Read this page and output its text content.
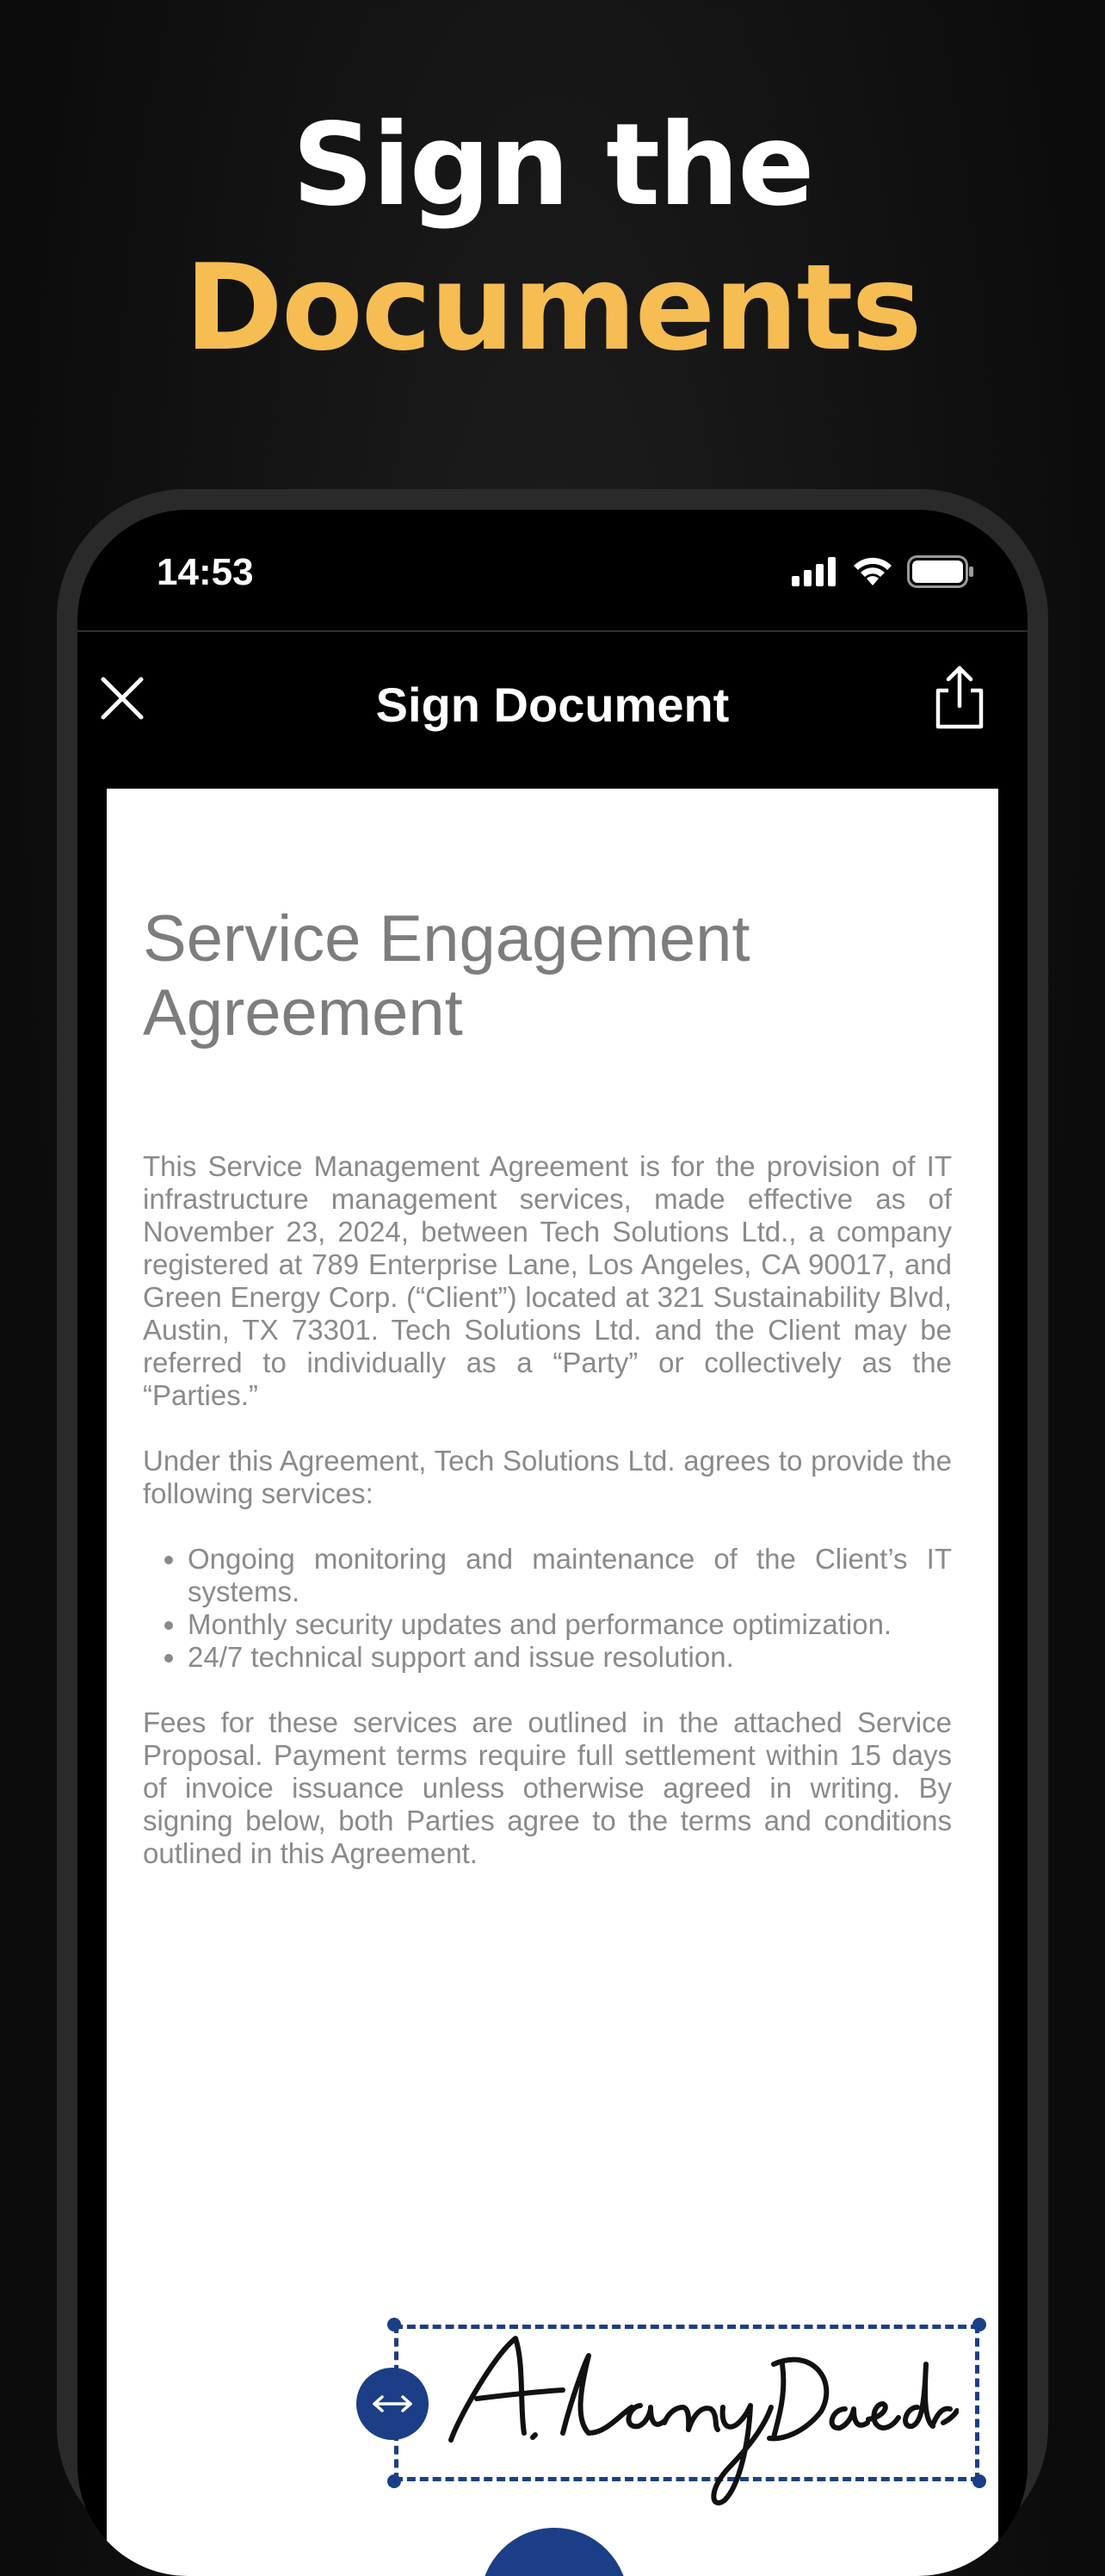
Sign the
Documents
14:53
Sign Document
Service Engagement Agreement

This Service Management Agreement is for the provision of IT infrastructure management services, made effective as of November 23, 2024, between Tech Solutions Ltd., a company registered at 789 Enterprise Lane, Los Angeles, CA 90017, and Green Energy Corp. (“Client”) located at 321 Sustainability Blvd, Austin, TX 73301. Tech Solutions Ltd. and the Client may be referred to individually as a “Party” or collectively as the “Parties.”

Under this Agreement, Tech Solutions Ltd. agrees to provide the following services:

• Ongoing monitoring and maintenance of the Client’s IT systems.
• Monthly security updates and performance optimization.
• 24/7 technical support and issue resolution.

Fees for these services are outlined in the attached Service Proposal. Payment terms require full settlement within 15 days of invoice issuance unless otherwise agreed in writing. By signing below, both Parties agree to the terms and conditions outlined in this Agreement.
